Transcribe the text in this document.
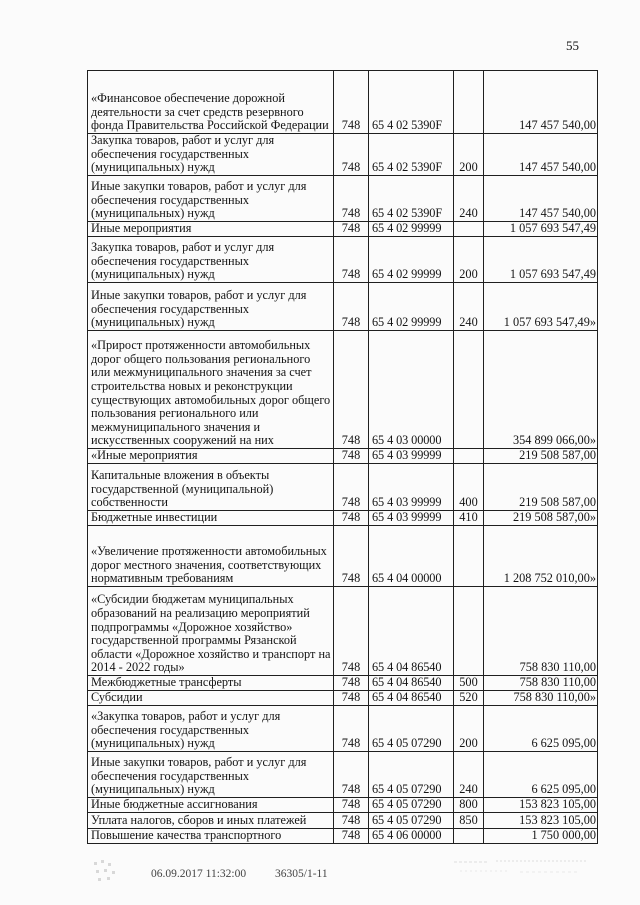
55
«Финансовое обеспечение дорожной деятельности за счет средств резервного фонда Правительства Российской Федерации	748	65 4 02 5390F		147 457 540,00
Закупка товаров, работ и услуг для обеспечения государственных (муниципальных) нужд	748	65 4 02 5390F	200	147 457 540,00
Иные закупки товаров, работ и услуг для обеспечения государственных (муниципальных) нужд	748	65 4 02 5390F	240	147 457 540,00
Иные мероприятия	748	65 4 02 99999		1 057 693 547,49
Закупка товаров, работ и услуг для обеспечения государственных (муниципальных) нужд	748	65 4 02 99999	200	1 057 693 547,49
Иные закупки товаров, работ и услуг для обеспечения государственных (муниципальных) нужд	748	65 4 02 99999	240	1 057 693 547,49»
«Прирост протяженности автомобильных дорог общего пользования регионального или межмуниципального значения за счет строительства новых и реконструкции существующих автомобильных дорог общего пользования регионального или межмуниципального значения и искусственных сооружений на них	748	65 4 03 00000		354 899 066,00»
«Иные мероприятия	748	65 4 03 99999		219 508 587,00
Капитальные вложения в объекты государственной (муниципальной) собственности	748	65 4 03 99999	400	219 508 587,00
Бюджетные инвестиции	748	65 4 03 99999	410	219 508 587,00»
«Увеличение протяженности автомобильных дорог местного значения, соответствующих нормативным требованиям	748	65 4 04 00000		1 208 752 010,00»
«Субсидии бюджетам муниципальных образований на реализацию мероприятий подпрограммы «Дорожное хозяйство» государственной программы Рязанской области «Дорожное хозяйство и транспорт на 2014 - 2022 годы»	748	65 4 04 86540		758 830 110,00
Межбюджетные трансферты	748	65 4 04 86540	500	758 830 110,00
Субсидии	748	65 4 04 86540	520	758 830 110,00»
«Закупка товаров, работ и услуг для обеспечения государственных (муниципальных) нужд	748	65 4 05 07290	200	6 625 095,00
Иные закупки товаров, работ и услуг для обеспечения государственных (муниципальных) нужд	748	65 4 05 07290	240	6 625 095,00
Иные бюджетные ассигнования	748	65 4 05 07290	800	153 823 105,00
Уплата налогов, сборов и иных платежей	748	65 4 05 07290	850	153 823 105,00
Повышение качества транспортного	748	65 4 06 00000		1 750 000,00
06.09.2017 11:32:00	36305/1-11
